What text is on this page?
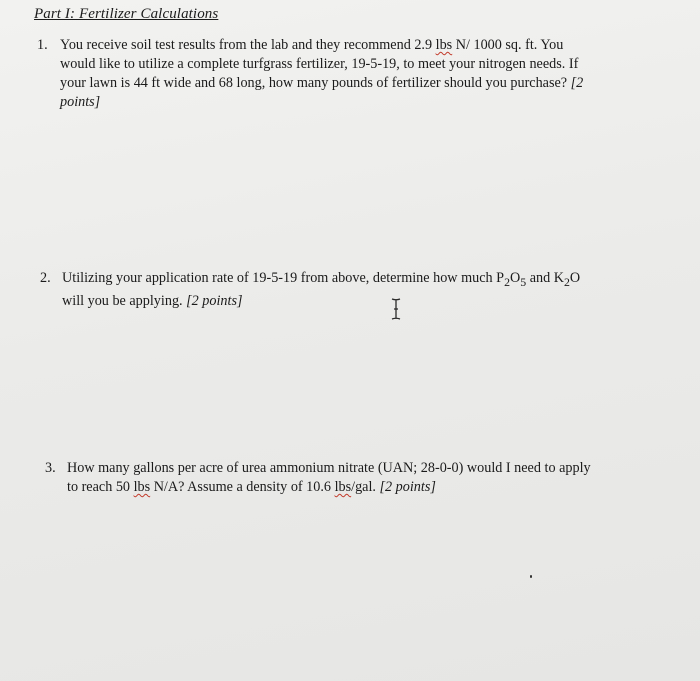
Part I: Fertilizer Calculations
1. You receive soil test results from the lab and they recommend 2.9 lbs N/ 1000 sq. ft. You
would like to utilize a complete turfgrass fertilizer, 19-5-19, to meet your nitrogen needs. If
your lawn is 44 ft wide and 68 long, how many pounds of fertilizer should you purchase? [2
points]
2. Utilizing your application rate of 19-5-19 from above, determine how much $P_2O_5$ and $K_2O$
will you be applying. [2 points]
3. How many gallons per acre of urea ammonium nitrate (UAN; 28-0-0) would I need to apply
to reach 50 lbs N/A? Assume a density of 10.6 lbs/gal. [2 points]
